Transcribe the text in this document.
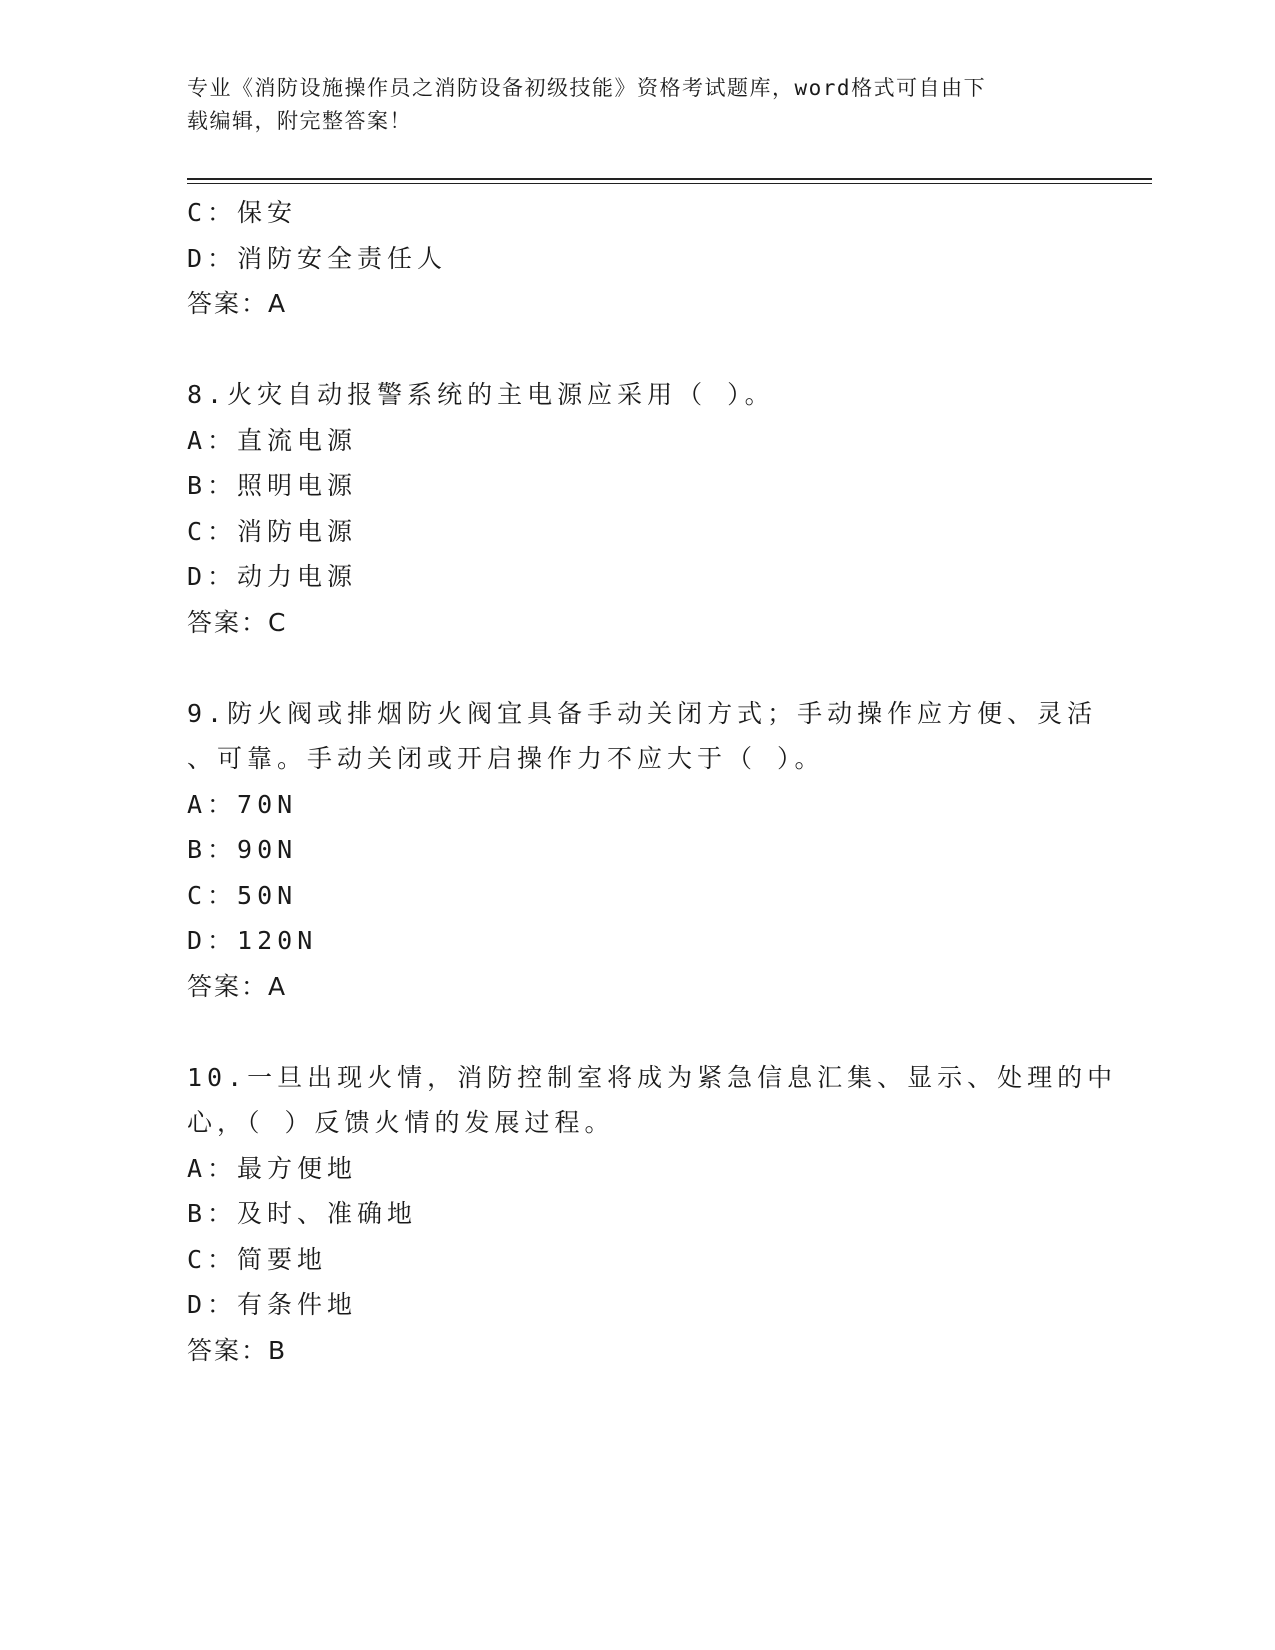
专业《消防设施操作员之消防设备初级技能》资格考试题库，word格式可自由下
载编辑，附完整答案！
C：保安
D：消防安全责任人
答案：A
8.火灾自动报警系统的主电源应采用（ ）。
A：直流电源
B：照明电源
C：消防电源
D：动力电源
答案：C
9.防火阀或排烟防火阀宜具备手动关闭方式；手动操作应方便、灵活
、可靠。手动关闭或开启操作力不应大于（ ）。
A：70N
B：90N
C：50N
D：120N
答案：A
10.一旦出现火情，消防控制室将成为紧急信息汇集、显示、处理的中
心，（ ）反馈火情的发展过程。
A：最方便地
B：及时、准确地
C：简要地
D：有条件地
答案：B
